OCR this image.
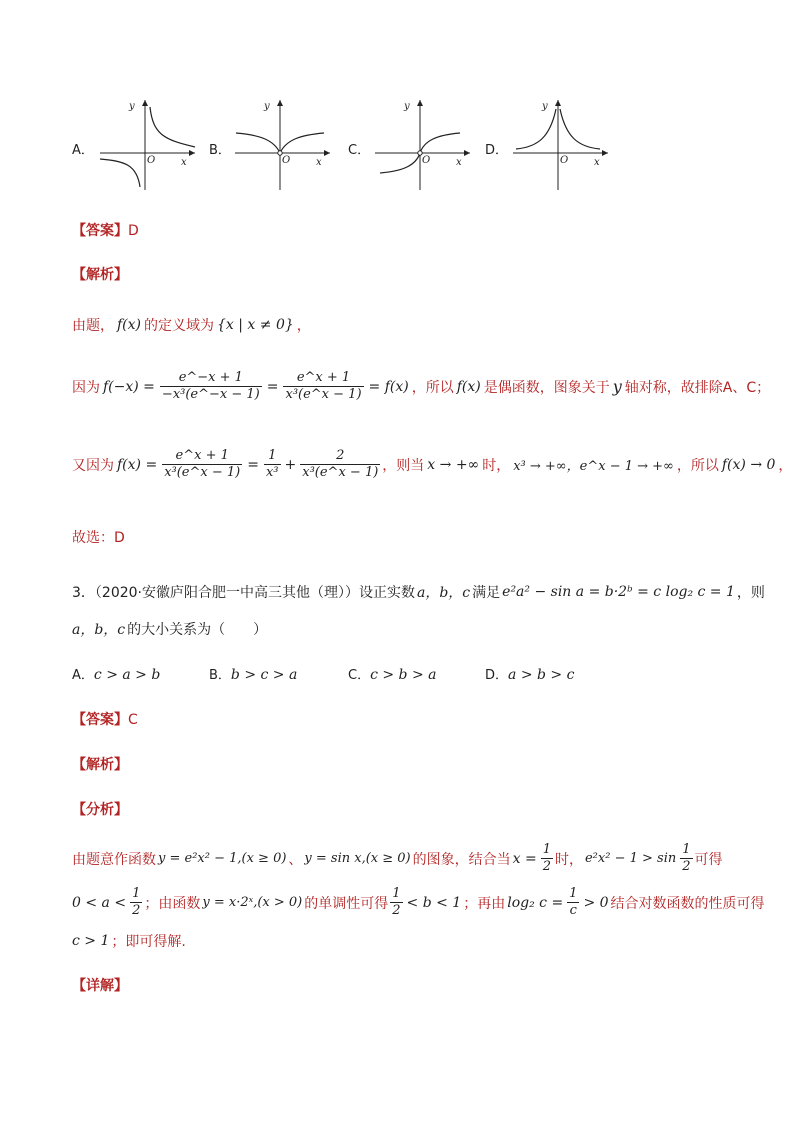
A．
y
O	x
B．
y
O	x
C．
y
O	x
D．
y
O	x
【答案】D
【解析】
由题， f(x) 的定义域为 {x | x ≠ 0} ，
因为 $f(-x) = \frac{e\^{}-x + 1}{\text{−x³(e\textasciicircum{}−x − 1)}} = \frac{e\^{}x + 1}{\text{x³(e\textasciicircum{}x − 1)}} = f(x)$ ，所以 f(x) 是偶函数，图象关于 y 轴对称，故排除A、C；
又因为 $f(x) = \frac{e\^{}x + 1}{\text{x³(e\textasciicircum{}x − 1)}} = \frac{1}{\text{x³}} + \frac{2}{\text{x³(e\textasciicircum{}x − 1)}}$ ，则当 x → +∞ 时， x³ → +∞，e^x − 1 → +∞ ，所以 f(x) → 0 ，
故选：D
3．（2020·安徽庐阳合肥一中高三其他（理））设正实数 a，b，c 满足 e²a² − sin a = b·2ᵇ = c log₂ c = 1 ，则
a，b，c 的大小关系为（　　）
A．c > a > b	B．b > c > a	C．c > b > a	D．a > b > c
【答案】C
【解析】
【分析】
由题意作函数 y = e²x² − 1,(x ≥ 0) 、 y = sin x,(x ≥ 0) 的图象，结合当 $x = \frac{1}{2}$ 时， $e^2x^2 - 1 > \sin \frac{1}{2}$ 可得
$0 < a < \frac{1}{2}$ ；由函数 y = x·2ˣ,(x > 0) 的单调性可得 $\frac{1}{2} < b < 1$ ；再由 log₂ $c = \frac{1}{c} > 0$ 结合对数函数的性质可得
c > 1 ；即可得解.
【详解】
